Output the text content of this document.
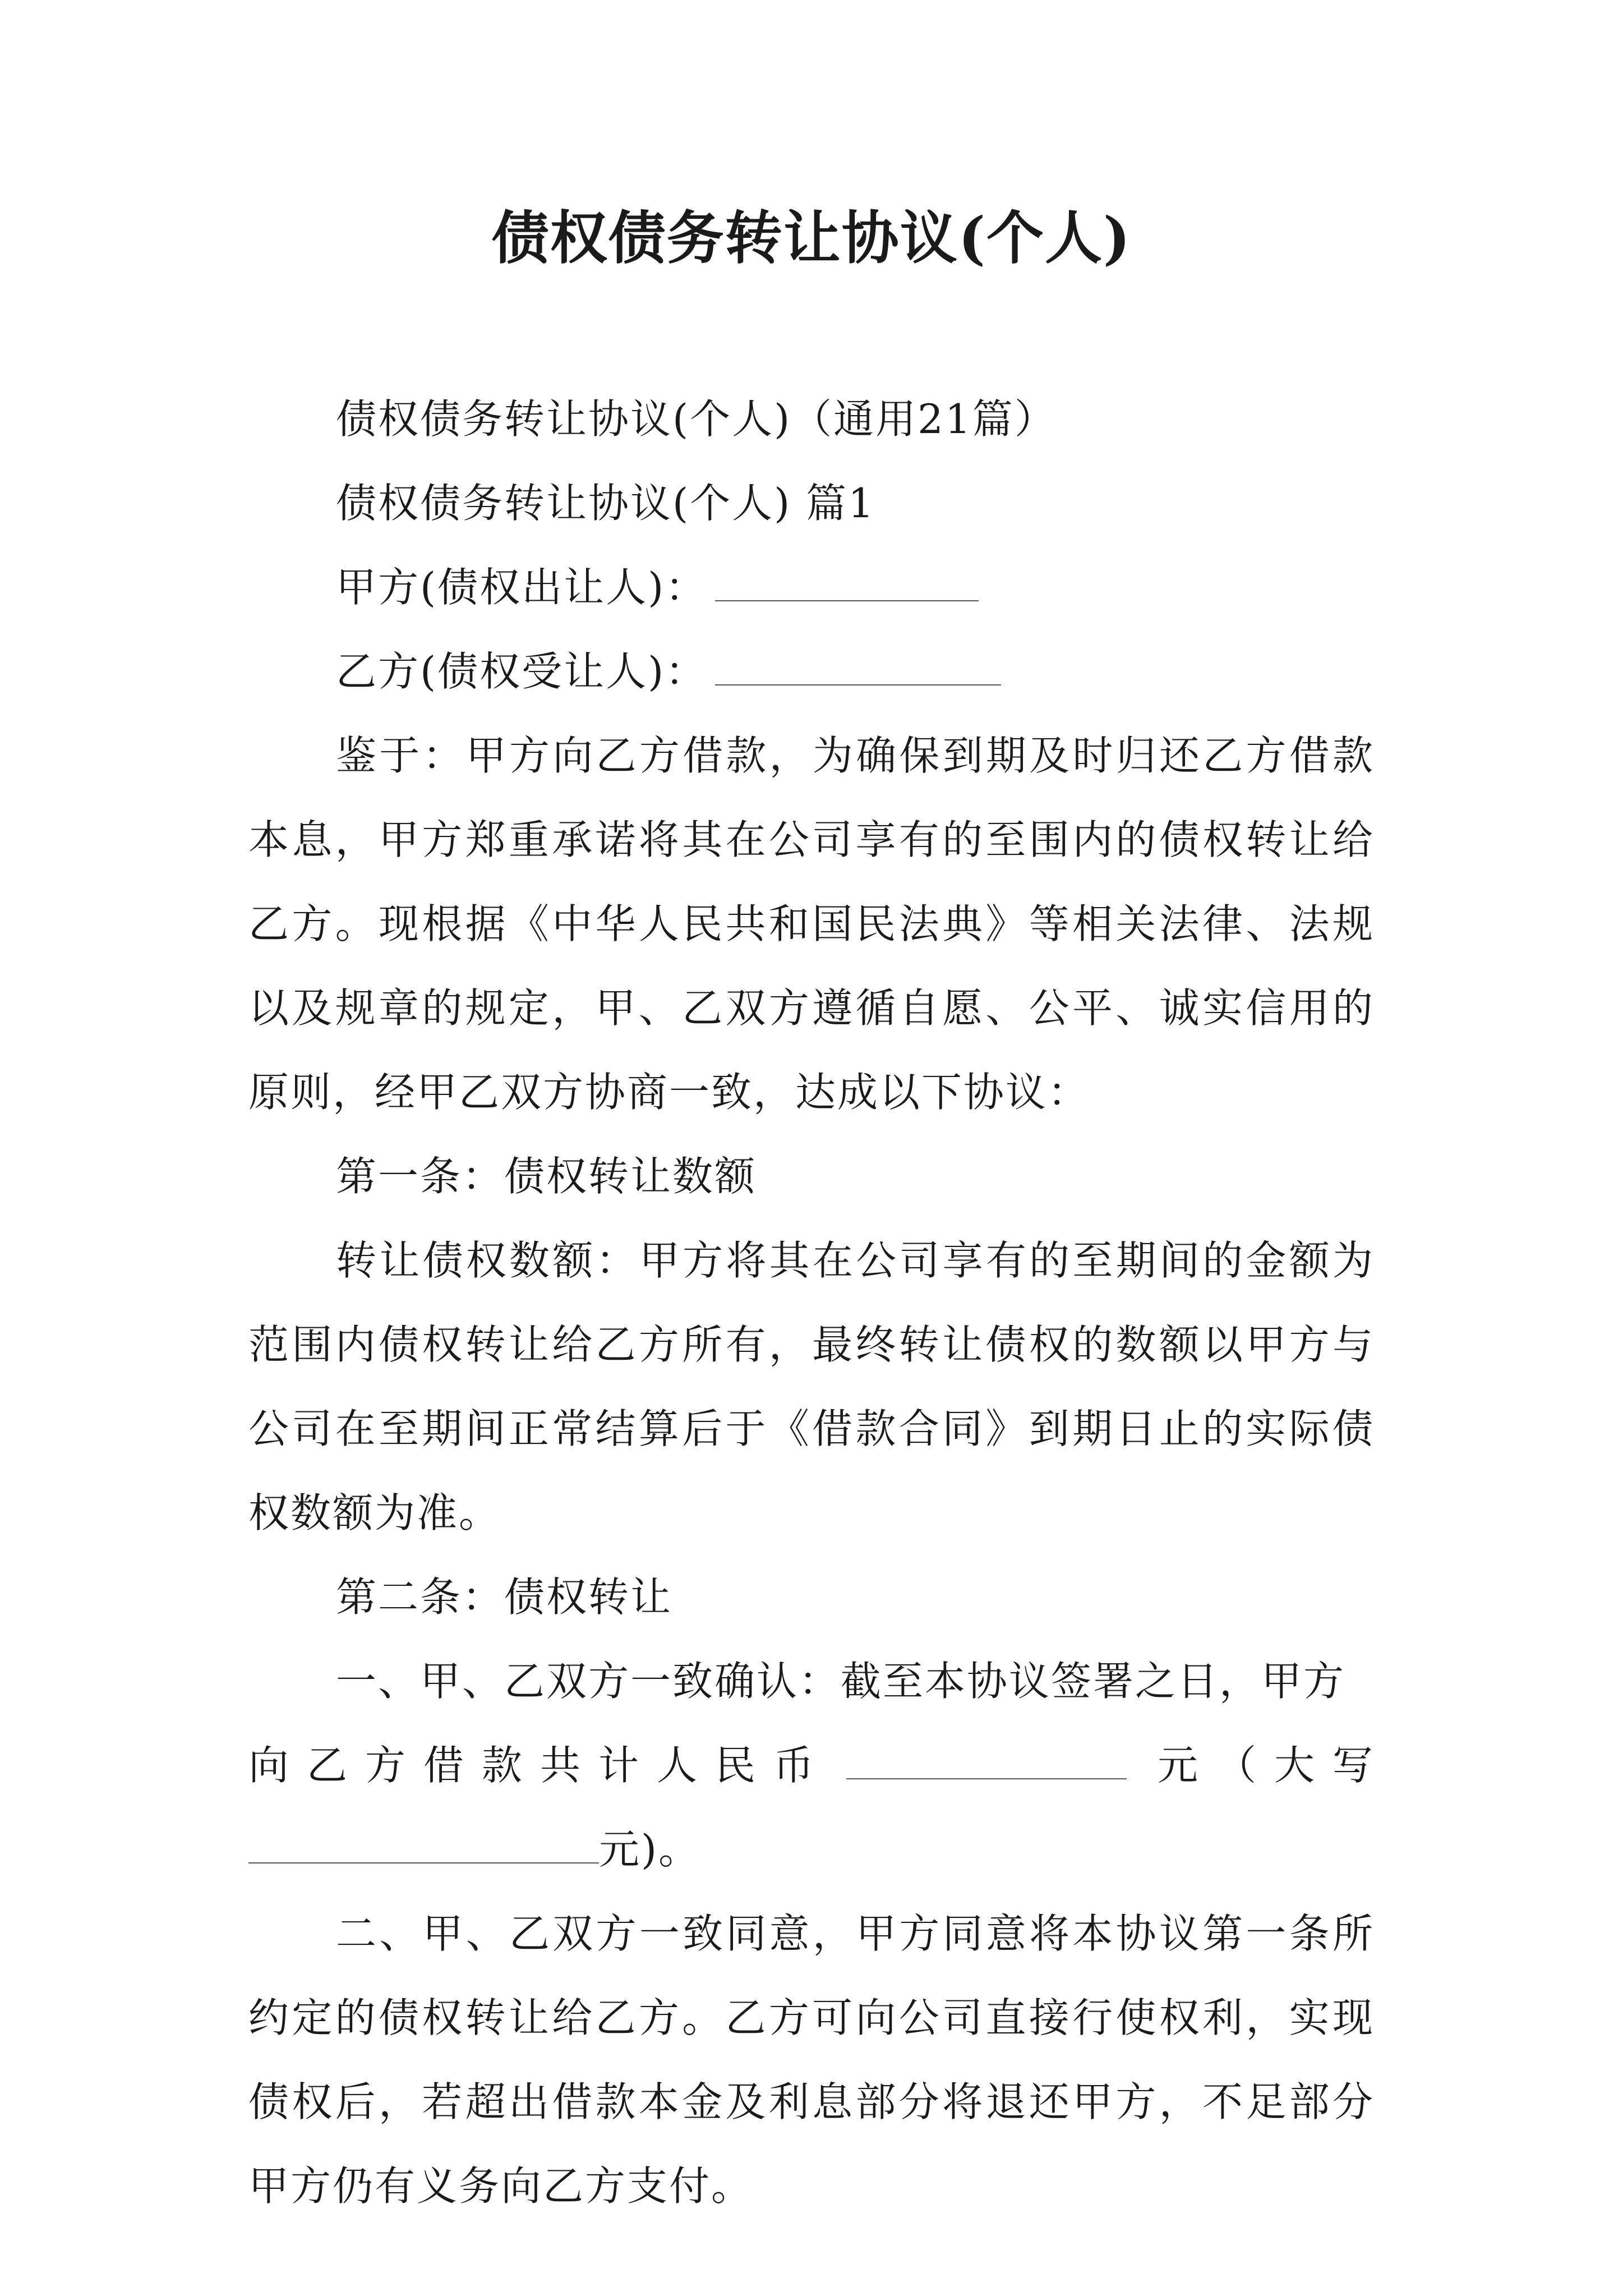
债权债务转让协议(个人)

债权债务转让协议(个人)（通用21篇）

债权债务转让协议(个人) 篇1

甲方(债权出让人)：

乙方(债权受让人)：

鉴于：甲方向乙方借款，为确保到期及时归还乙方借款本息，甲方郑重承诺将其在公司享有的至围内的债权转让给乙方。现根据《中华人民共和国民法典》等相关法律、法规以及规章的规定，甲、乙双方遵循自愿、公平、诚实信用的原则，经甲乙双方协商一致，达成以下协议：

第一条：债权转让数额

转让债权数额：甲方将其在公司享有的至期间的金额为范围内债权转让给乙方所有，最终转让债权的数额以甲方与公司在至期间正常结算后于《借款合同》到期日止的实际债权数额为准。

第二条：债权转让

一、甲、乙双方一致确认：截至本协议签署之日，甲方

向乙方借款共计人民币	元（大写

元)。

二、甲、乙双方一致同意，甲方同意将本协议第一条所约定的债权转让给乙方。乙方可向公司直接行使权利，实现债权后，若超出借款本金及利息部分将退还甲方，不足部分甲方仍有义务向乙方支付。
